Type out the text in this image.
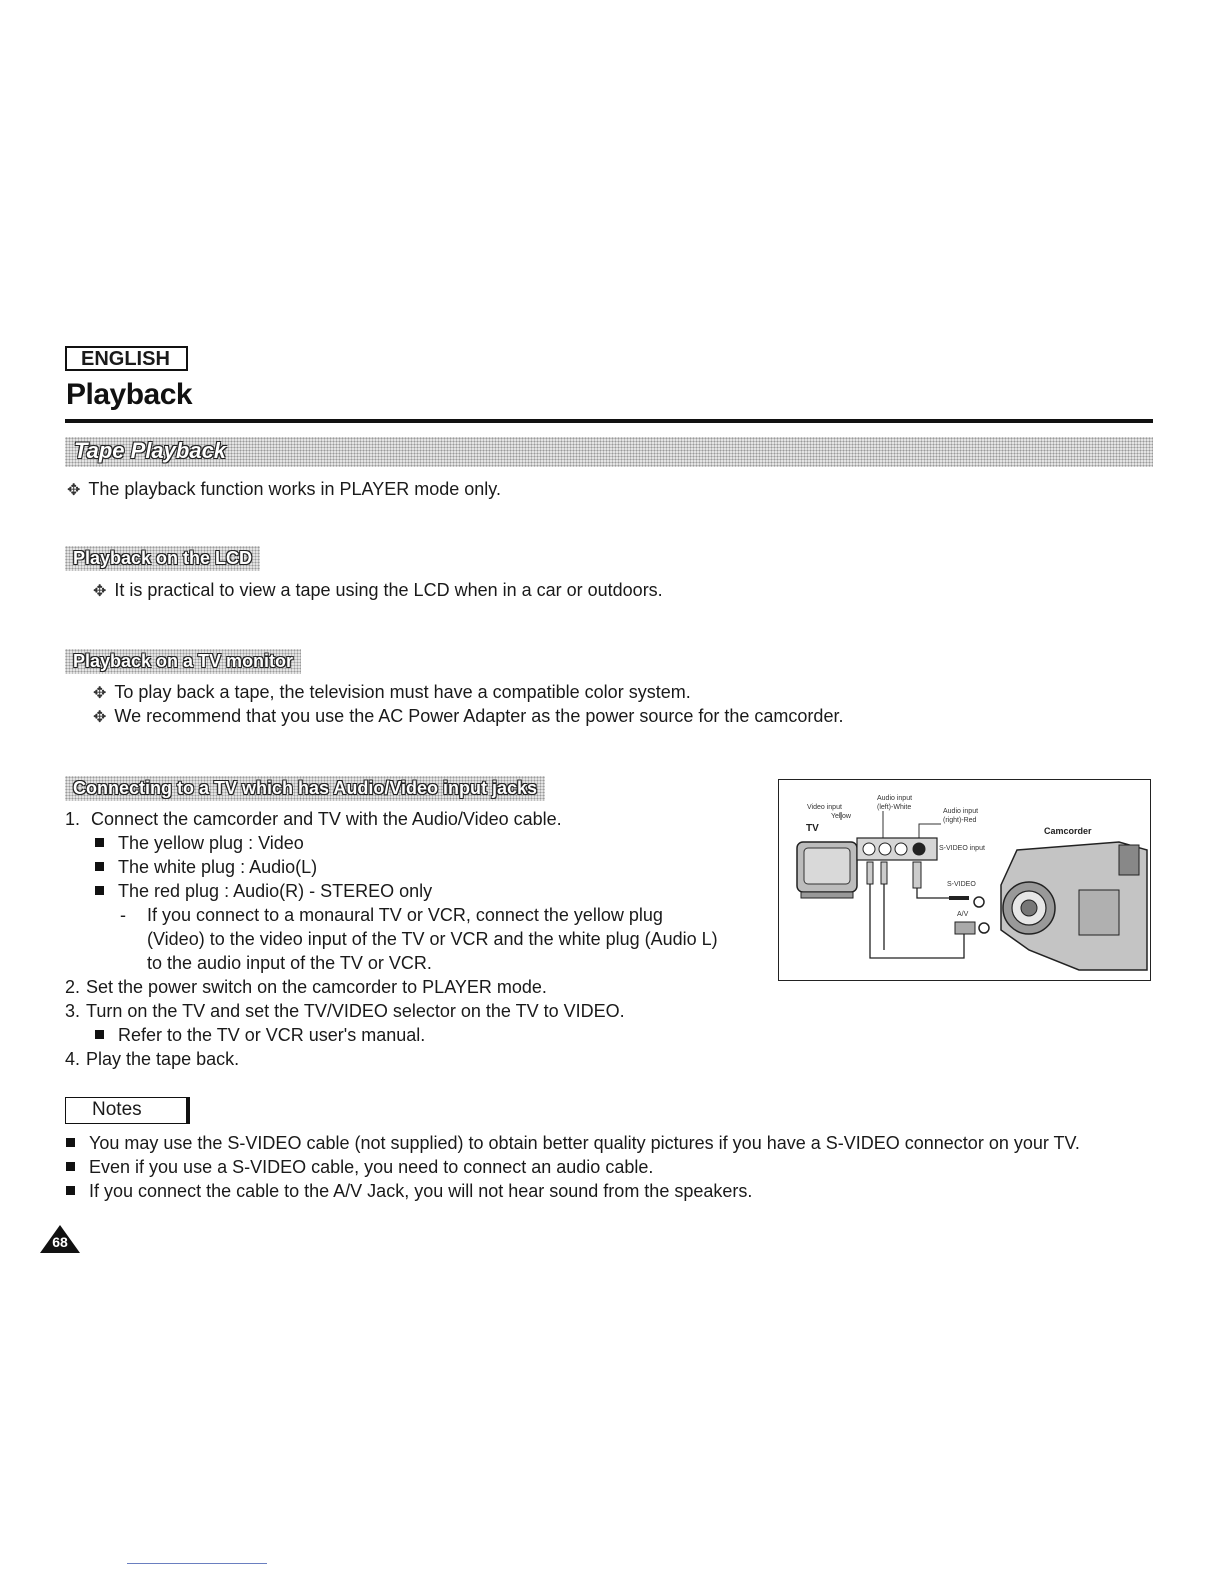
ENGLISH
Playback
Tape Playback
✥ The playback function works in PLAYER mode only.
Playback on the LCD
✥ It is practical to view a tape using the LCD when in a car or outdoors.
Playback on a TV monitor
✥ To play back a tape, the television must have a compatible color system.
✥ We recommend that you use the AC Power Adapter as the power source for the camcorder.
Connecting to a TV which has Audio/Video input jacks
1. Connect the camcorder and TV with the Audio/Video cable.
The yellow plug : Video
The white plug : Audio(L)
The red plug : Audio(R) - STEREO only
- If you connect to a monaural TV or VCR, connect the yellow plug
(Video) to the video input of the TV or VCR and the white plug (Audio L)
to the audio input of the TV or VCR.
2. Set the power switch on the camcorder to PLAYER mode.
3. Turn on the TV and set the TV/VIDEO selector on the TV to VIDEO.
Refer to the TV or VCR user's manual.
4. Play the tape back.
Audio input
Video input	(left)-White
Yellow
Audio input
(right)-Red
TV	Camcorder
S-VIDEO input
S-VIDEO
A/V
Notes
You may use the S-VIDEO cable (not supplied) to obtain better quality pictures if you have a S-VIDEO connector on your TV.
Even if you use a S-VIDEO cable, you need to connect an audio cable.
If you connect the cable to the A/V Jack, you will not hear sound from the speakers.
68
